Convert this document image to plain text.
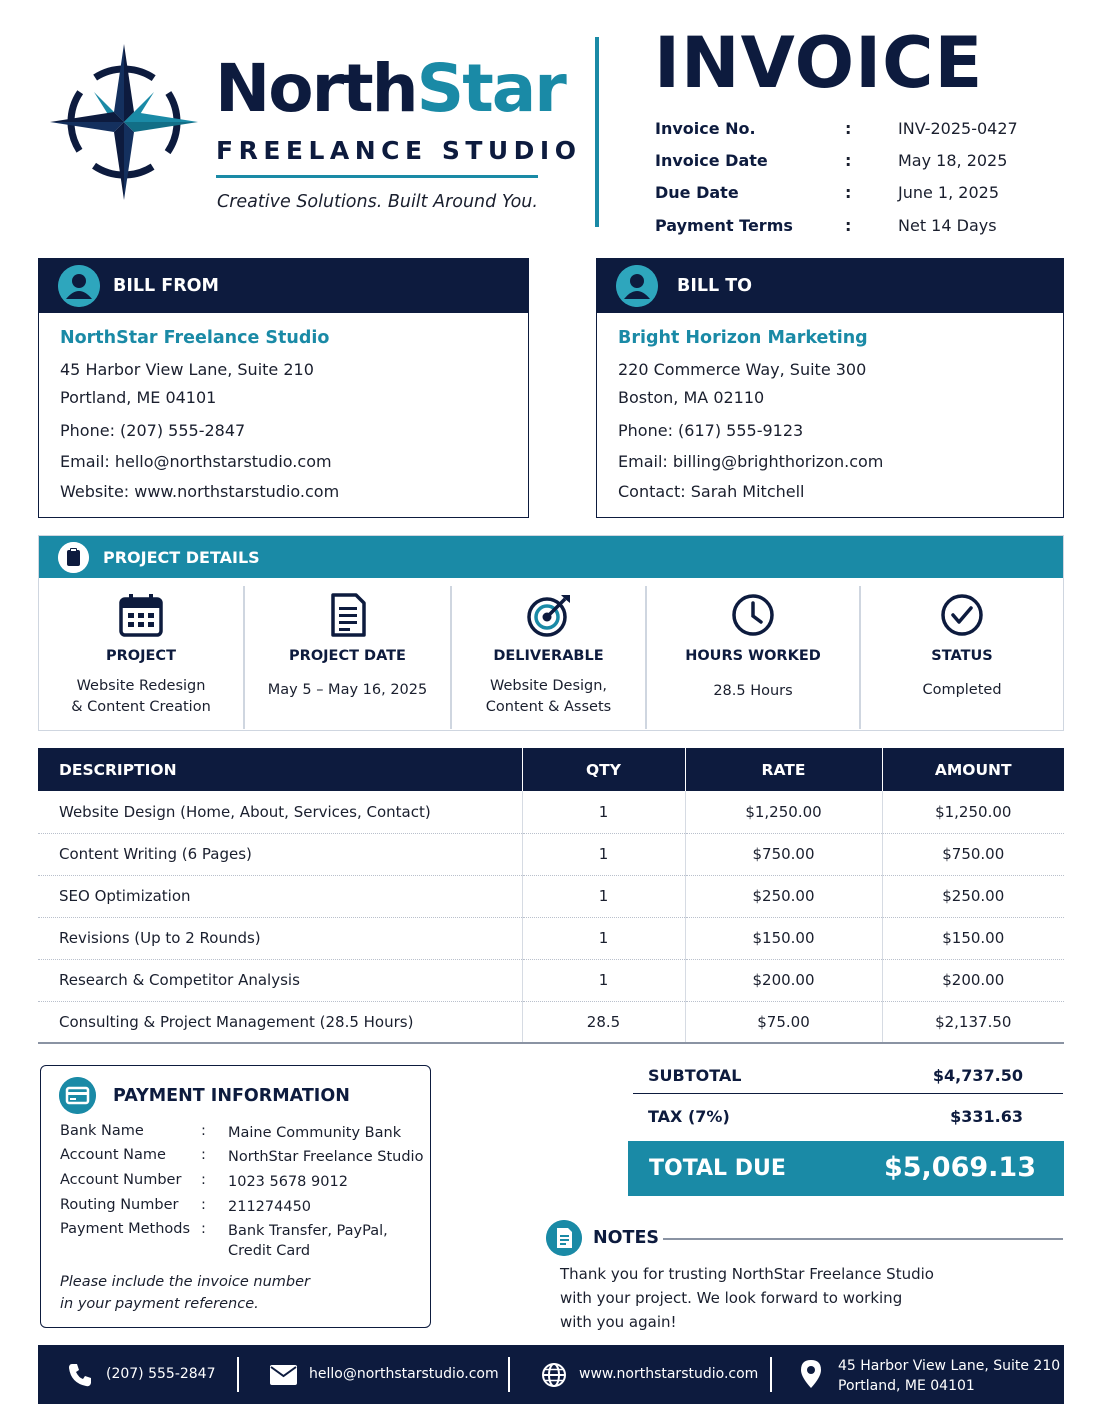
NorthStar
FREELANCE STUDIO
Creative Solutions. Built Around You.
INVOICE
Invoice No.	:	INV-2025-0427
Invoice Date	:	May 18, 2025
Due Date	:	June 1, 2025
Payment Terms	:	Net 14 Days
BILL FROM
NorthStar Freelance Studio
45 Harbor View Lane, Suite 210
Portland, ME 04101
Phone: (207) 555-2847
Email: hello@northstarstudio.com
Website: www.northstarstudio.com
BILL TO
Bright Horizon Marketing
220 Commerce Way, Suite 300
Boston, MA 02110
Phone: (617) 555-9123
Email: billing@brighthorizon.com
Contact: Sarah Mitchell
PROJECT DETAILS
PROJECT
Website Redesign
& Content Creation
PROJECT DATE
May 5 – May 16, 2025
DELIVERABLE
Website Design,
Content & Assets
HOURS WORKED
28.5 Hours
STATUS
Completed
DESCRIPTION	QTY	RATE	AMOUNT
Website Design (Home, About, Services, Contact)	1	$1,250.00	$1,250.00
Content Writing (6 Pages)	1	$750.00	$750.00
SEO Optimization	1	$250.00	$250.00
Revisions (Up to 2 Rounds)	1	$150.00	$150.00
Research & Competitor Analysis	1	$200.00	$200.00
Consulting & Project Management (28.5 Hours)	28.5	$75.00	$2,137.50
PAYMENT INFORMATION
Bank Name	: Maine Community Bank
Account Name : NorthStar Freelance Studio
Account Number : 1023 5678 9012
Routing Number : 211274450
Payment Methods : Bank Transfer, PayPal,
Credit Card
Please include the invoice number
in your payment reference.
SUBTOTAL	$4,737.50
TAX (7%)	$331.63
TOTAL DUE	$5,069.13
NOTES
Thank you for trusting NorthStar Freelance Studio
with your project. We look forward to working
with you again!
(207) 555-2847	hello@northstarstudio.com	www.northstarstudio.com	45 Harbor View Lane, Suite 210
Portland, ME 04101
